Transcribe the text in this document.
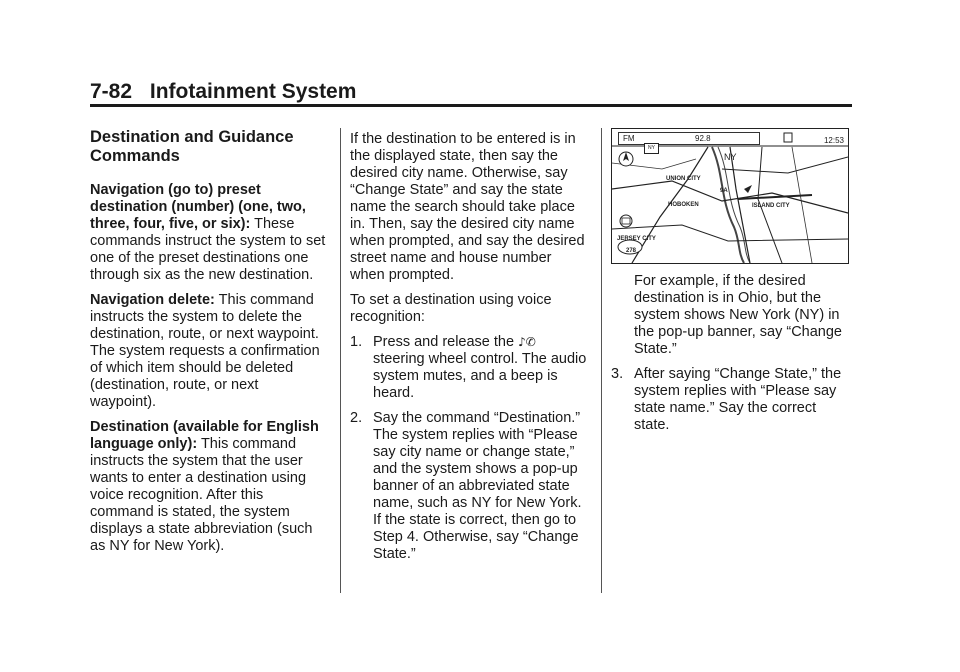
7-82 Infotainment System
Destination and Guidance Commands

Navigation (go to) preset destination (number) (one, two, three, four, five, or six): These commands instruct the system to set one of the preset destinations one through six as the new destination.

Navigation delete: This command instructs the system to delete the destination, route, or next waypoint. The system requests a confirmation of which item should be deleted (destination, route, or next waypoint).

Destination (available for English language only): This command instructs the system that the user wants to enter a destination using voice recognition. After this command is stated, the system displays a state abbreviation (such as NY for New York).

If the destination to be entered is in the displayed state, then say the desired city name. Otherwise, say “Change State” and say the state name the search should take place in. Then, say the desired city name when prompted, and say the desired street name and house number when prompted.

To set a destination using voice recognition:

1. Press and release the ♪✆ steering wheel control. The audio system mutes, and a beep is heard.
2. Say the command “Destination.” The system replies with “Please say city name or change state,” and the system shows a pop-up banner of an abbreviated state name, such as NY for New York. If the state is correct, then go to Step 4. Otherwise, say “Change State.”
FM	92.8	12:53
NY
NY
UNION CITY
HOBOKEN
JERSEY CITY
ISLAND CITY
278
9A

For example, if the desired destination is in Ohio, but the system shows New York (NY) in the pop-up banner, say “Change State.”

3. After saying “Change State,” the system replies with “Please say state name.” Say the correct state.
